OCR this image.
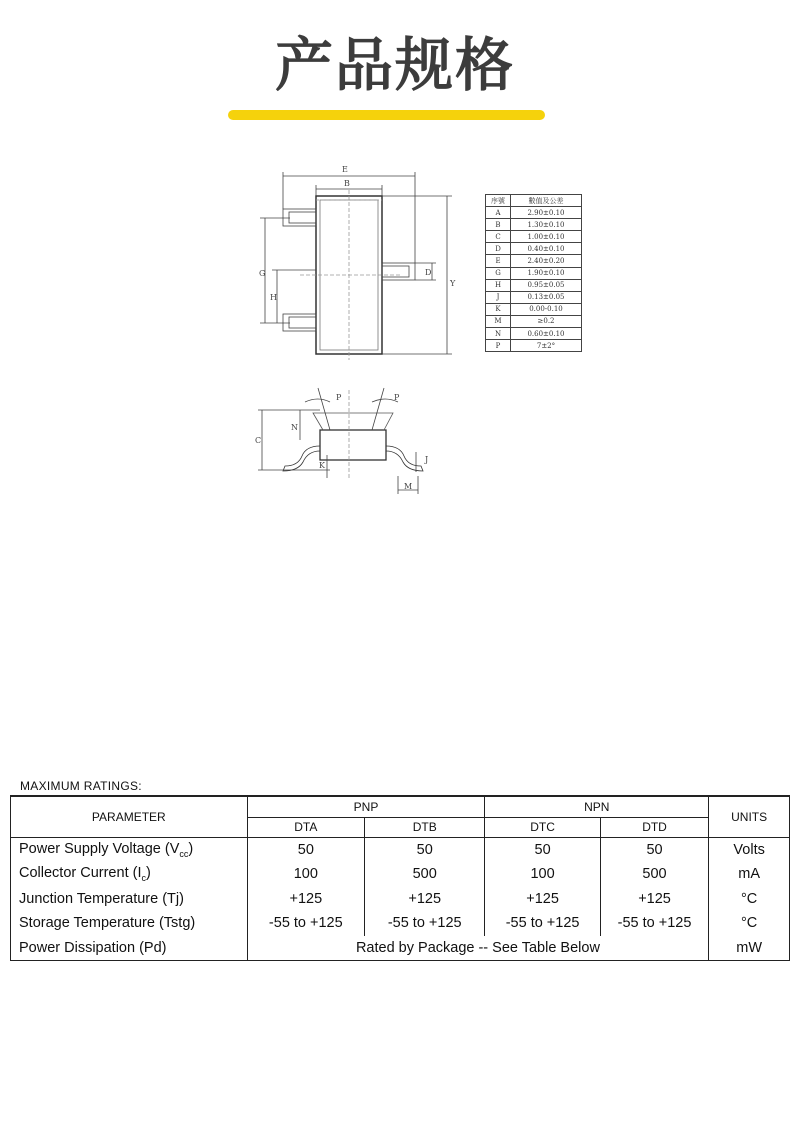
产品规格
E
B
G
H
D
Y
P	P
C
N
K
J
M
序號	數值及公差
A	2.90±0.10
B	1.30±0.10
C	1.00±0.10
D	0.40±0.10
E	2.40±0.20
G	1.90±0.10
H	0.95±0.05
J	0.13±0.05
K	0.00-0.10
M	≥0.2
N	0.60±0.10
P	7±2°
MAXIMUM RATINGS:
PARAMETER	PNP		NPN		UNITS
	DTA	DTB	DTC	DTD	
Power Supply Voltage $(V_{cc})$	50	50	50	50	Volts
Collector Current $(I_c)$	100	500	100	500	mA
Junction Temperature (Tj)	+125	+125	+125	+125	°C
Storage Temperature (Tstg)	-55 to +125	-55 to +125	-55 to +125	-55 to +125	°C
Power Dissipation (Pd)	Rated by Package -- See Table Below				mW
